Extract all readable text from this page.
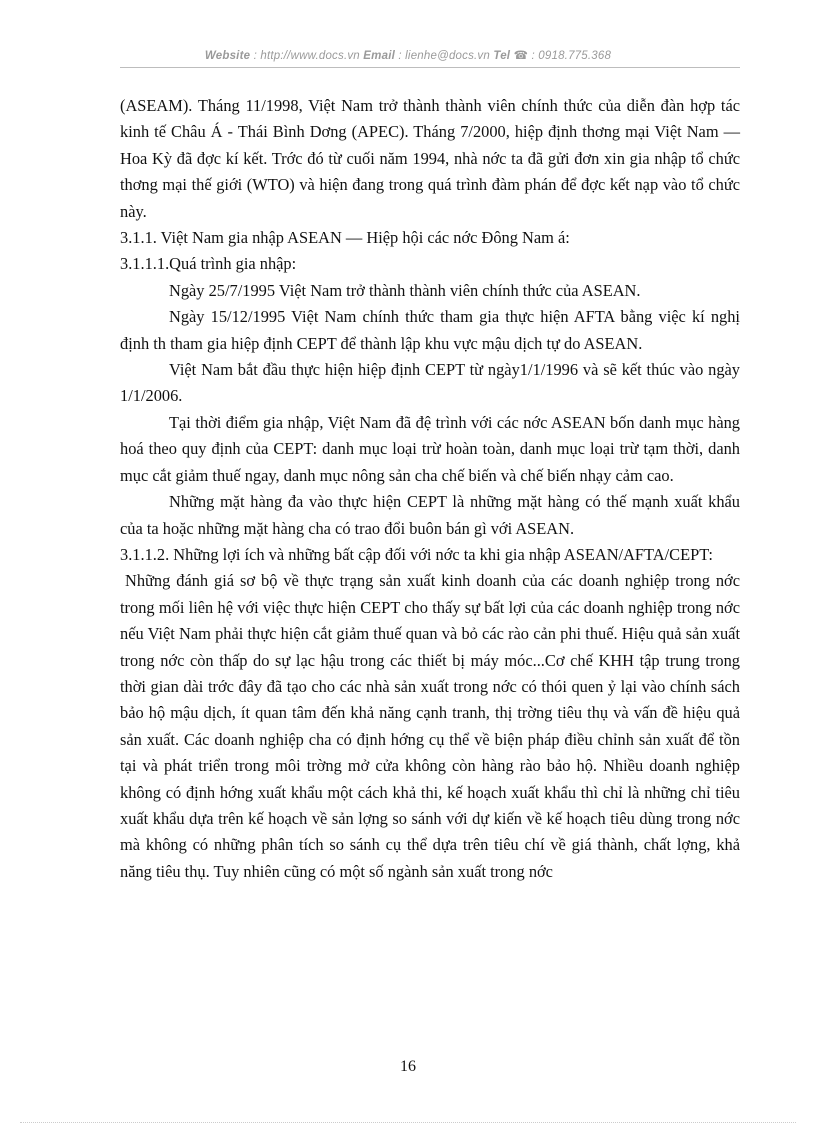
Website : http://www.docs.vn Email : lienhe@docs.vn Tel ☎ : 0918.775.368

(ASEAM). Tháng 11/1998, Việt Nam trở thành thành viên chính thức của diễn đàn hợp tác kinh tế Châu Á - Thái Bình Dơng (APEC). Tháng 7/2000, hiệp định thơng mại Việt Nam — Hoa Kỳ đã đợc kí kết. Trớc đó từ cuối năm 1994, nhà nớc ta đã gửi đơn xin gia nhập tổ chức thơng mại thế giới (WTO) và hiện đang trong quá trình đàm phán để đợc kết nạp vào tổ chức này.

3.1.1. Việt Nam gia nhập ASEAN — Hiệp hội các nớc Đông Nam á:

3.1.1.1.Quá trình gia nhập:

Ngày 25/7/1995 Việt Nam trở thành thành viên chính thức của ASEAN.

Ngày 15/12/1995 Việt Nam chính thức tham gia thực hiện AFTA bằng việc kí nghị định th tham gia hiệp định CEPT để thành lập khu vực mậu dịch tự do ASEAN.

Việt Nam bắt đầu thực hiện hiệp định CEPT từ ngày1/1/1996 và sẽ kết thúc vào ngày 1/1/2006.

Tại thời điểm gia nhập, Việt Nam đã đệ trình với các nớc ASEAN bốn danh mục hàng hoá theo quy định của CEPT: danh mục loại trừ hoàn toàn, danh mục loại trừ tạm thời, danh mục cắt giảm thuế ngay, danh mục nông sản cha chế biến và chế biến nhạy cảm cao.

Những mặt hàng đa vào thực hiện CEPT là những mặt hàng có thế mạnh xuất khẩu của ta hoặc những mặt hàng cha có trao đổi buôn bán gì với ASEAN.

3.1.1.2. Những lợi ích và những bất cập đối với nớc ta khi gia nhập ASEAN/AFTA/CEPT:

Những đánh giá sơ bộ về thực trạng sản xuất kinh doanh của các doanh nghiệp trong nớc trong mối liên hệ với việc thực hiện CEPT cho thấy sự bất lợi của các doanh nghiệp trong nớc nếu Việt Nam phải thực hiện cắt giảm thuế quan và bỏ các rào cản phi thuế. Hiệu quả sản xuất trong nớc còn thấp do sự lạc hậu trong các thiết bị máy móc...Cơ chế KHH tập trung trong thời gian dài trớc đây đã tạo cho các nhà sản xuất trong nớc có thói quen ỷ lại vào chính sách bảo hộ mậu dịch, ít quan tâm đến khả năng cạnh tranh, thị trờng tiêu thụ và vấn đề hiệu quả sản xuất. Các doanh nghiệp cha có định hớng cụ thể về biện pháp điều chỉnh sản xuất để tồn tại và phát triển trong môi trờng mở cửa không còn hàng rào bảo hộ. Nhiều doanh nghiệp không có định hớng xuất khẩu một cách khả thi, kế hoạch xuất khẩu thì chỉ là những chỉ tiêu xuất khẩu dựa trên kế hoạch về sản lợng so sánh với dự kiến về kế hoạch tiêu dùng trong nớc mà không có những phân tích so sánh cụ thể dựa trên tiêu chí về giá thành, chất lợng, khả năng tiêu thụ. Tuy nhiên cũng có một số ngành sản xuất trong nớc

16
